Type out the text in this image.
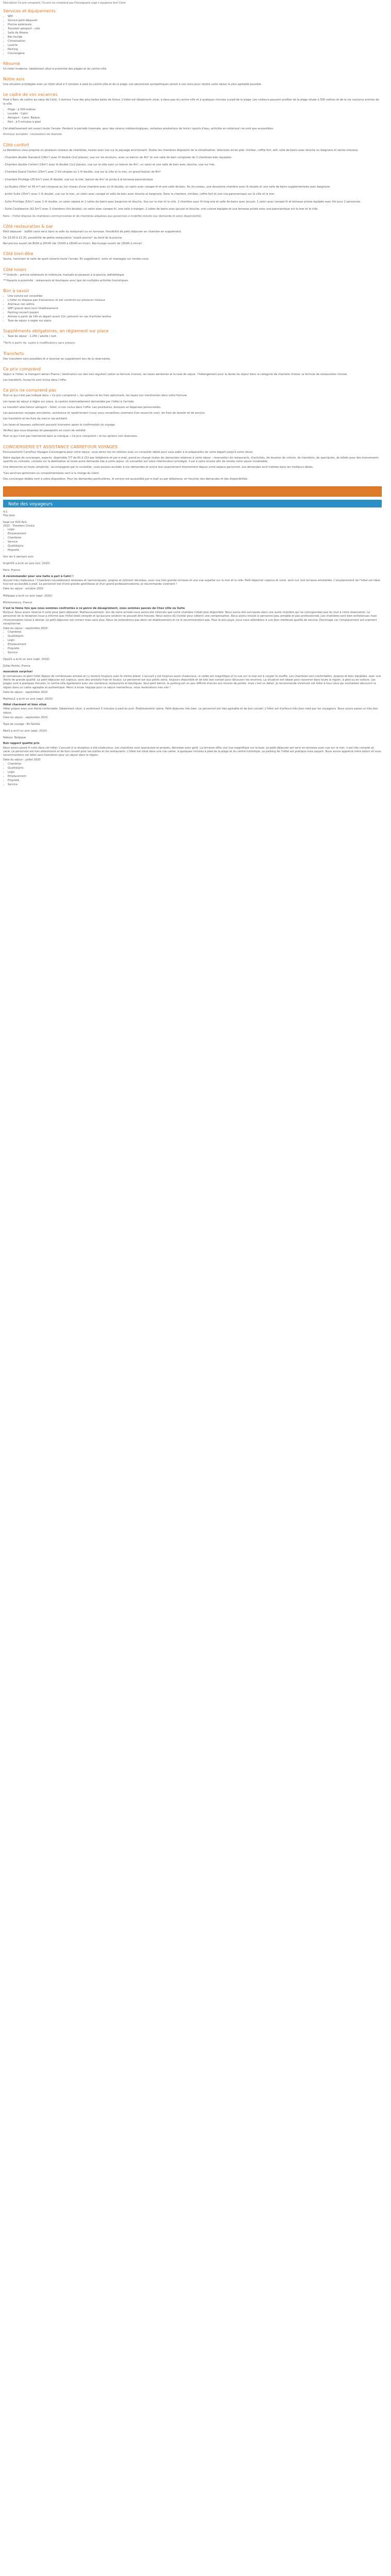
Description Ce prix comprend / Ce prix ne comprend pas Conseiguerie suge il équatoire Avis Client

Services et équipements
• Wifi
• Service petit-déjeuner
• Piscine extérieure
• Transfert aéroport - ville
• Salle de fitness
• Bar-lounge
• Climatisation
• Laverie
• Parking
• Conciergerie
Résumé

Un hôtel moderne, idéalement situé à proximité des plages et du centre-ville.

Notre avis

Une situation privilégiée avec un hôtel situé à 5 minutes à pied du centre-ville et de la plage. Les personnels sympathiques seront à vos soins pour rendre votre séjour le plus agréable possible.

Le cadre de vos vacances

Posé à flanc de colline au cœur de Cahri, il domine l'une des plus belles baies de Grèce. L'hôtel est idéalement situé, à deux pas du centre-ville et à quelques minutes à pied de la plage. Les visiteurs peuvent profiter de la plage située à 500 mètres et de la vie nocturne animée de la ville.

• Plage : à 500 mètres
• Localité : Cahri
• Aéroport : Cahri, Baléze
• Port : à 5 minutes à pied

Cet établissement est ouvert toute l'année. Pendant la période hivernale, pour des raisons météorologiques, certaines prestations de loisirs (sports d'eau, activités en extérieur) ne sont pas accessibles.

Animaux acceptés : nécessitant de réserver.

Côté confort

La Résidence vous propose un plusieurs niveaux de chambres, toutes avec vue sur le paysage environnant. Toutes les chambres disposent de la climatisation, télévision écran plat, minibar, coffre-fort, wifi, salle de bains avec douche ou baignoire et sèche-cheveux.

- Chambre double Standard (19m²) avec lit double (1x2 places), vue sur les environs, avec un balcon de 4m² et une salle de bain composée de 2 chambres bien équipées.

- Chambre double Confort (19m²) avec lit double (1x2 places), vue sur la ville avec un balcon de 4m², un salon et une salle de bain avec douche, vue sur mer.

- Chambre Grand Confort (25m²) avec 2 lits simples ou 1 lit double, vue sur la ville et la mer, un grand balcon de 8m².

- Chambre Privilège (25,5m²) avec lit double, vue sur la mer, balcon de 4m² et accès à la terrasse panoramique.

- Le Duplex (43m² et 36 m²) est composé au 1er niveau d'une chambre avec un lit double, un salon avec canapé-lit et une salle de bain. Au 2e niveau, une deuxième chambre avec lit double et une salle de bains supplémentaire avec baignoire.

- Junior Suite (25m²) avec 1 lit double, vue sur la mer, un salon avec canapé et salle de bain avec douche et baignoire. Dans la chambre, minibar, coffre-fort et une vue panoramique sur la ville et la mer.

- Suite Privilège (53m²) avec 1 lit double, un salon séparé et 2 salles de bains avec baignoire et douche. Vue sur la mer et la ville, 1 chambre avec lit king size et salle de bains avec jacuzzi, 1 salon avec canapé-lit et terrasse privée équipée avec lits pour 2 personnes.

- Suite Cavaliesche (92,5m²) avec 2 chambres (lits double), un salon avec canapé-lit, une salle à manger, 2 salles de bains avec jacuzzi et douche, une cuisine équipée et une terrasse privée avec vue panoramique sur la mer et la ville.

Note : l'hôtel dispose de chambres communicantes et de chambres adaptées aux personnes à mobilité réduite (sur demande et selon disponibilité).

Côté restauration & bar

Petit déjeuner : buffet varié servi dans la salle du restaurant ou en terrasse. Possibilité de petit-déjeuner en chambre en supplément.

De 13:00 à 21:30, possibilité de petite restauration "snack piscine" au bord de la piscine.

Bar-piscine ouvert de 8h00 à 20h00 (de 15h00 à 18h00 en hiver). Bar-lounge ouvert de 18h00 à minuit.

Côté bien-être

Sauna, hammam et salle de sport ouverts toute l'année. En supplément, soins et massages sur rendez-vous.

Côté loisirs

** Gratuits : piscine extérieure et intérieure, transats et parasols à la piscine, bibliothèque.

** Payants à proximité : restaurants et boutiques ainsi que de multiples activités touristiques.

Bon à savoir
• Une voiture est conseillée
• L'hôtel ne dispose pas d'ascenseur et est construit sur plusieurs niveaux
• Animaux non admis
• WIFI gratuit dans tout l'établissement
• Parking couvert payant
• Arrivée à partir de 14h et départ avant 11h, prévenir en cas d'arrivée tardive
• Taxe de séjour à régler sur place.
Suppléments obligatoires, en règlement sur place
• Taxe de séjour : 1,25€ / adulte / nuit

*Tarifs à partir de, sujets à modifications sans préavis.

Transferts

Des transferts sont possibles et à réserver en supplément lors de la réservation.

Ce prix comprend

Séjour à l'hôtel, le transport aérien France / destination sur des vols réguliers (selon la formule choisie), les taxes aériennes et la taxe de séjour, l'hébergement pour la durée du séjour dans la catégorie de chambre choisie, la formule de restauration choisie.

Les transferts, lorsqu'ils sont inclus dans l'offre.

Ce prix ne comprend pas

Tout ce qui n'est pas indiqué dans « Ce prix comprend », les options et les frais optionnels, les repas non mentionnés dans votre formule.

Les taxes de séjour à régler sur place, la caution éventuellement demandée par l'hôtel à l'arrivée.

Le transfert aller/retour aéroport – hôtel, si non inclus dans l'offre. Les pourboires, boissons et dépenses personnelles.

Les assurances voyages annulation, assistance et rapatriement (nous vous conseillons vivement d'en souscrire une), les frais de dossier et de service.

Les transferts et les frais de visa le cas échéant.

Les taxes et hausses carburant pouvant intervenir après la confirmation du voyage.

Vérifiez que vous disposez de passeports en cours de validité.

Tout ce qui n'est pas mentionné dans la rubrique « Ce prix comprend » et les options non réservées.

CONCIERGERIE ET ASSISTANCE CARREFOUR VOYAGES

Exclusivement Carrefour Voyages Conciergerie pour votre séjour, vous serez mis en relation avec un conseiller dédié pour vous aider à la préparation de votre départ jusqu'à votre retour.

Notre équipe de concierges, experts, disponible 7/7 de 9h à 21h par téléphone et par e-mail, prend en charge toutes les demandes relatives à votre séjour : réservation de restaurants, d'activités, de location de voiture, de transferts, de spectacles, de billets pour des événements sportifs ou culturels, conseils sur la destination et toute autre demande liée à votre séjour. Un conseiller est votre interlocuteur privilégié, il est à votre écoute afin de rendre votre séjour inoubliable.

Une démarche en toute simplicité : accompagnés par le conseiller, vous pouvez accéder à vos demandes et suivre leur avancement directement depuis votre espace personnel. Les demandes sont traitées dans les meilleurs délais.

*Les services optionnels ou complémentaires sont à la charge du client.

Des concierges dédiés sont à votre disposition. Pour les demandes particulières, le service est accessible par e-mail ou par téléphone, en fonction des demandes et des disponibilités.

Note des voyageurs

4,5

Très bien

basé sur 629 Avis

2021 - Travelers Choice

• Logis
• Emplacement
• Chambres
• Service
• Qualité/prix
• Propreté

Voir les 5 derniers avis

bright01 a écrit un avis (oct. 2020)

Paris, France

A recommander pour une halte à pari à Cahri !

Accueil très chaleureux ! Chambres nouvellement rénovées et harmonieuses, propres et joliment décorées, avec une très grande terrasse et une vue superbe sur la mer et la ville. Petit-déjeuner copieux et varié, servi sur une terrasse ensoleillée. L'emplacement de l'hôtel est idéal, tout est accessible à pied. Le personnel est d'une grande gentillesse et d'un grand professionnalisme. Je recommande vivement !

Date du séjour : octobre 2020

Millipapo a écrit un avis (sept. 2020)

Montmorency, France

C'est la 5ème fois que nous sommes confrontés à ce genre de désagrément, nous sommes passés de Chez ville ou Suite

Bonjour. Nous avons réservé 4 nuits pour petit-déjeuner. Malheureusement, lors de notre arrivée nous avons été informés que notre chambre n'était plus disponible. Nous avons été surclassés dans une autre chambre qui ne correspondait pas du tout à notre réservation. Le personnel de la réception nous a informé que l'hôtel était complet et qu'aucune solution ne pouvait être trouvée. Nous avons dû insister pour obtenir une compensation. Nous avons trouvé le personnel peu aimable et peu professionnel. Les chambres sont bien entretenues mais l'insonorisation laisse à désirer. Le petit-déjeuner est correct mais sans plus. Nous ne reviendrons pas dans cet établissement et ne le recommandons pas. Pour le prix payé, nous nous attendions à une bien meilleure qualité de service. Dommage car l'emplacement est vraiment exceptionnel.

Date du séjour : septembre 2020

• Chambres
• Qualité/prix
• Logis
• Emplacement
• Propreté
• Service

Djaz21 a écrit un avis (sept. 2020)

Gillac-Pointe, France

muscatsis surprise!

Je connaissais ce petit hôtel depuis de nombreuses années et j'y reviens toujours avec le même plaisir. L'accueil y est toujours aussi chaleureux, le cadre est magnifique et la vue sur la mer est à couper le souffle. Les chambres sont confortables, propres et bien équipées, avec une literie de grande qualité. Le petit-déjeuner est copieux, avec des produits frais et locaux. Le personnel est aux petits soins, toujours disponible et de très bon conseil pour découvrir les environs. La situation est idéale pour rayonner dans toute la région, à pied ou en voiture. Les plages sont à quelques minutes, le centre-ville également avec ses nombreux restaurants et boutiques. Seul petit bémol, le parking est un peu difficile d'accès aux heures de pointe, mais c'est un détail. Je recommande vivement cet hôtel à tous ceux qui souhaitent découvrir la région dans un cadre agréable et authentique. Merci à toute l'équipe pour ce séjour merveilleux, nous reviendrons très vite !

Date du séjour : septembre 2020

Mathieu1 a écrit un avis (sept. 2020)

Hôtel charmant et bien situé

Hôtel propre avec une literie confortable. Idéalement situé, à seulement 5 minutes à pied du port. Établissement calme. Petit-déjeuner très bien. Le personnel est très agréable et de bon conseil. L'hôtel est d'ailleurs très bien noté par les voyageurs. Nous avons passé un très bon séjour.

Date du séjour : septembre 2020

Type de voyage : En famille

Bbe3 a écrit un avis (sept. 2020)

Nabeul, Belgique

Bon rapport qualité prix

Nous avons passé 4 nuits dans cet hôtel. L'accueil à la réception a été chaleureux. Les chambres sont spacieuses et propres, décorées avec goût. La terrasse offre une vue magnifique sur la baie. Le petit-déjeuner est servi en terrasse avec vue sur la mer, il est très complet et varié. Le personnel est très attentionné et de bon conseil pour les visites et les restaurants. L'hôtel est situé dans une rue calme, à quelques minutes à pied de la plage et du centre historique. Le parking de l'hôtel est pratique mais payant. Nous avons apprécié notre séjour et nous recommandons cet hôtel sans hésitation pour un séjour dans la région.

Date du séjour : juillet 2020

• Chambres
• Qualité/prix
• Logis
• Emplacement
• Propreté
• Service
